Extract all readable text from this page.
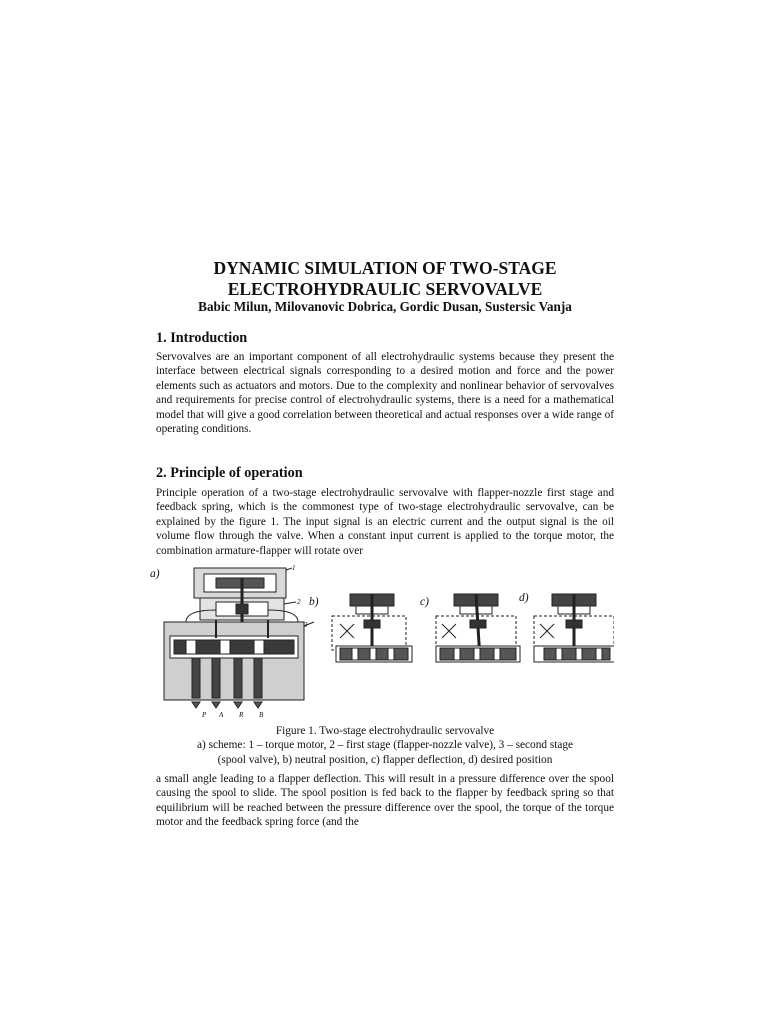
DYNAMIC SIMULATION OF TWO-STAGE
ELECTROHYDRAULIC SERVOVALVE
Babic Milun, Milovanovic Dobrica, Gordic Dusan, Sustersic Vanja
1. Introduction

Servovalves are an important component of all electrohydraulic systems because they present the interface between electrical signals corresponding to a desired motion and force and the power elements such as actuators and motors. Due to the complexity and nonlinear behavior of servovalves and requirements for precise control of electrohydraulic systems, there is a need for a mathematical model that will give a good correlation between theoretical and actual responses over a wide range of operating conditions.

2. Principle of operation

Principle operation of a two-stage electrohydraulic servovalve with flapper-nozzle first stage and feedback spring, which is the commonest type of two-stage electrohydraulic servovalve, can be explained by the figure 1. The input signal is an electric current and the output signal is the oil volume flow through the valve. When a constant input current is applied to the torque motor, the combination armature-flapper will rotate over

a)
b)	c)	d)
1
2
3
P A R B
Figure 1. Two-stage electrohydraulic servovalve
a) scheme: 1 – torque motor, 2 – first stage (flapper-nozzle valve), 3 – second stage
(spool valve), b) neutral position, c) flapper deflection, d) desired position

a small angle leading to a flapper deflection. This will result in a pressure difference over the spool causing the spool to slide. The spool position is fed back to the flapper by feedback spring so that equilibrium will be reached between the pressure difference over the spool, the torque of the torque motor and the feedback spring force (and the
